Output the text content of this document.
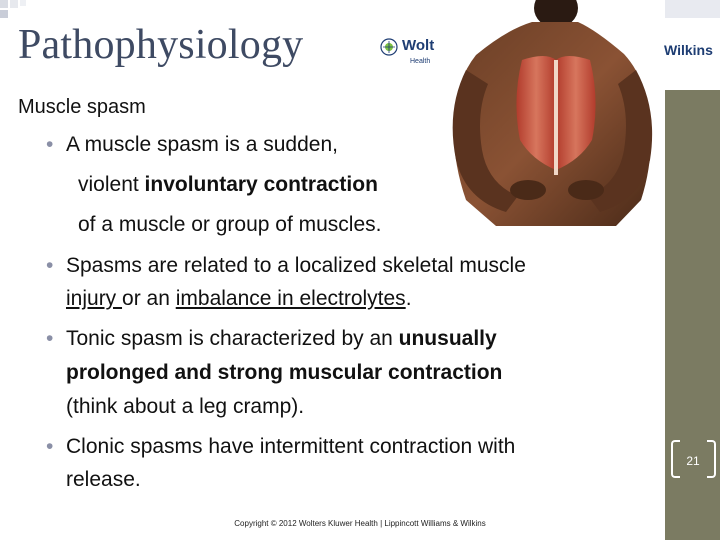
Pathophysiology	Wolt
Health
Wilkins
21
Muscle spasm
• A muscle spasm is a sudden,
violent involuntary contraction
of a muscle or group of muscles.
• Spasms are related to a localized skeletal muscle
injury or an imbalance in electrolytes.
• Tonic spasm is characterized by an unusually
prolonged and strong muscular contraction
(think about a leg cramp).
• Clonic spasms have intermittent contraction with
release.
Copyright © 2012 Wolters Kluwer Health | Lippincott Williams & Wilkins
